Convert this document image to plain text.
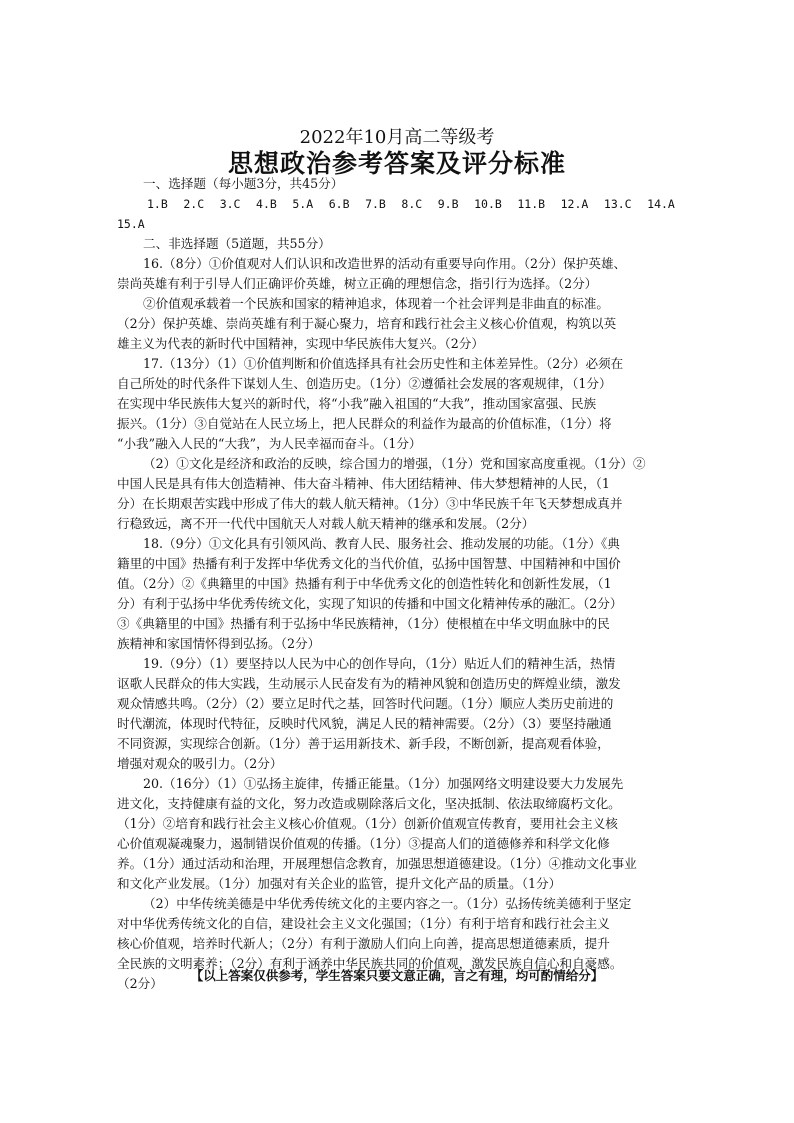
2022年10月高二等级考
思想政治参考答案及评分标准
一、选择题（每小题3分，共45分）
1.B 2.C 3.C 4.B 5.A 6.B 7.B 8.C 9.B 10.B 11.B 12.A 13.C 14.A
15.A
二、非选择题（5道题，共55分）
16.（8分）①价值观对人们认识和改造世界的活动有重要导向作用。（2分）保护英雄、
崇尚英雄有利于引导人们正确评价英雄，树立正确的理想信念，指引行为选择。（2分）
②价值观承载着一个民族和国家的精神追求，体现着一个社会评判是非曲直的标准。
（2分）保护英雄、崇尚英雄有利于凝心聚力，培育和践行社会主义核心价值观，构筑以英
雄主义为代表的新时代中国精神，实现中华民族伟大复兴。（2分）
17.（13分）（1）①价值判断和价值选择具有社会历史性和主体差异性。（2分）必须在
自己所处的时代条件下谋划人生、创造历史。（1分）②遵循社会发展的客观规律，（1分）
在实现中华民族伟大复兴的新时代，将“小我”融入祖国的“大我”，推动国家富强、民族
振兴。（1分）③自觉站在人民立场上，把人民群众的利益作为最高的价值标准，（1分）将
“小我”融入人民的“大我”，为人民幸福而奋斗。（1分）
（2）①文化是经济和政治的反映，综合国力的增强，（1分）党和国家高度重视。（1分）②
中国人民是具有伟大创造精神、伟大奋斗精神、伟大团结精神、伟大梦想精神的人民，（1
分）在长期艰苦实践中形成了伟大的载人航天精神。（1分）③中华民族千年飞天梦想成真并
行稳致远，离不开一代代中国航天人对载人航天精神的继承和发展。（2分）
18.（9分）①文化具有引领风尚、教育人民、服务社会、推动发展的功能。（1分）《典
籍里的中国》热播有利于发挥中华优秀文化的当代价值，弘扬中国智慧、中国精神和中国价
值。（2分）②《典籍里的中国》热播有利于中华优秀文化的创造性转化和创新性发展，（1
分）有利于弘扬中华优秀传统文化，实现了知识的传播和中国文化精神传承的融汇。（2分）
③《典籍里的中国》热播有利于弘扬中华民族精神，（1分）使根植在中华文明血脉中的民
族精神和家国情怀得到弘扬。（2分）
19.（9分）（1）要坚持以人民为中心的创作导向，（1分）贴近人们的精神生活，热情
讴歌人民群众的伟大实践，生动展示人民奋发有为的精神风貌和创造历史的辉煌业绩，激发
观众情感共鸣。（2分）（2）要立足时代之基，回答时代问题。（1分）顺应人类历史前进的
时代潮流，体现时代特征，反映时代风貌，满足人民的精神需要。（2分）（3）要坚持融通
不同资源，实现综合创新。（1分）善于运用新技术、新手段，不断创新，提高观看体验，
增强对观众的吸引力。（2分）
20.（16分）（1）①弘扬主旋律，传播正能量。（1分）加强网络文明建设要大力发展先
进文化，支持健康有益的文化，努力改造或剔除落后文化，坚决抵制、依法取缔腐朽文化。
（1分）②培育和践行社会主义核心价值观。（1分）创新价值观宣传教育，要用社会主义核
心价值观凝魂聚力，遏制错误价值观的传播。（1分）③提高人们的道德修养和科学文化修
养。（1分）通过活动和治理，开展理想信念教育，加强思想道德建设。（1分）④推动文化事业
和文化产业发展。（1分）加强对有关企业的监管，提升文化产品的质量。（1分）
（2）中华传统美德是中华优秀传统文化的主要内容之一。（1分）弘扬传统美德利于坚定
对中华优秀传统文化的自信，建设社会主义文化强国；（1分）有利于培育和践行社会主义
核心价值观，培养时代新人；（2分）有利于激励人们向上向善，提高思想道德素质，提升
全民族的文明素养；（2分）有利于涵养中华民族共同的价值观，激发民族自信心和自豪感。
（2分）
【以上答案仅供参考，学生答案只要文意正确，言之有理，均可酌情给分】
